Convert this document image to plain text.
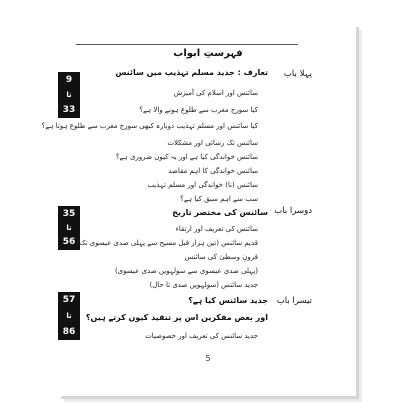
فہرستِ ابواب
پہلا باب
9
تا
33
تعارف : جدید مسلم تہذیب میں سائنس
سائنس اور اسلام کی آمیزش
کیا سورج مغرب سے طلوع ہونے والا ہے؟
کیا سائنس اور مسلم تہذیب دوبارہ کبھی سورج مغرب سے طلوع ہوتا ہے؟
سائنس تک رسائی اور مشکلات
سائنس خواندگی کیا ہے اور یہ کیوں ضروری ہے؟
سائنس خواندگی کا اہم مقاصد
سائنس (نا) خواندگی اور مسلم تہذیب
سب سے اہم سبق کیا ہے؟
دوسرا باب
35
تا
56
سائنس کی مختصر تاریخ
سائنس کی تعریف اور ارتقاء
قدیم سائنس (تین ہزار قبل مسیح سے پہلی صدی عیسوی تک)
قرونِ وسطیٰ کی سائنس
(پہلی صدی عیسوی سے سولہویں صدی عیسوی)
جدید سائنس (سولہویں صدی تا حال)
تیسرا باب
57
تا
86
جدید سائنس کیا ہے؟
اور بعض مفکرین اس پر تنقید کیوں کرتے ہیں؟
جدید سائنس کی تعریف اور خصوصیات
5
